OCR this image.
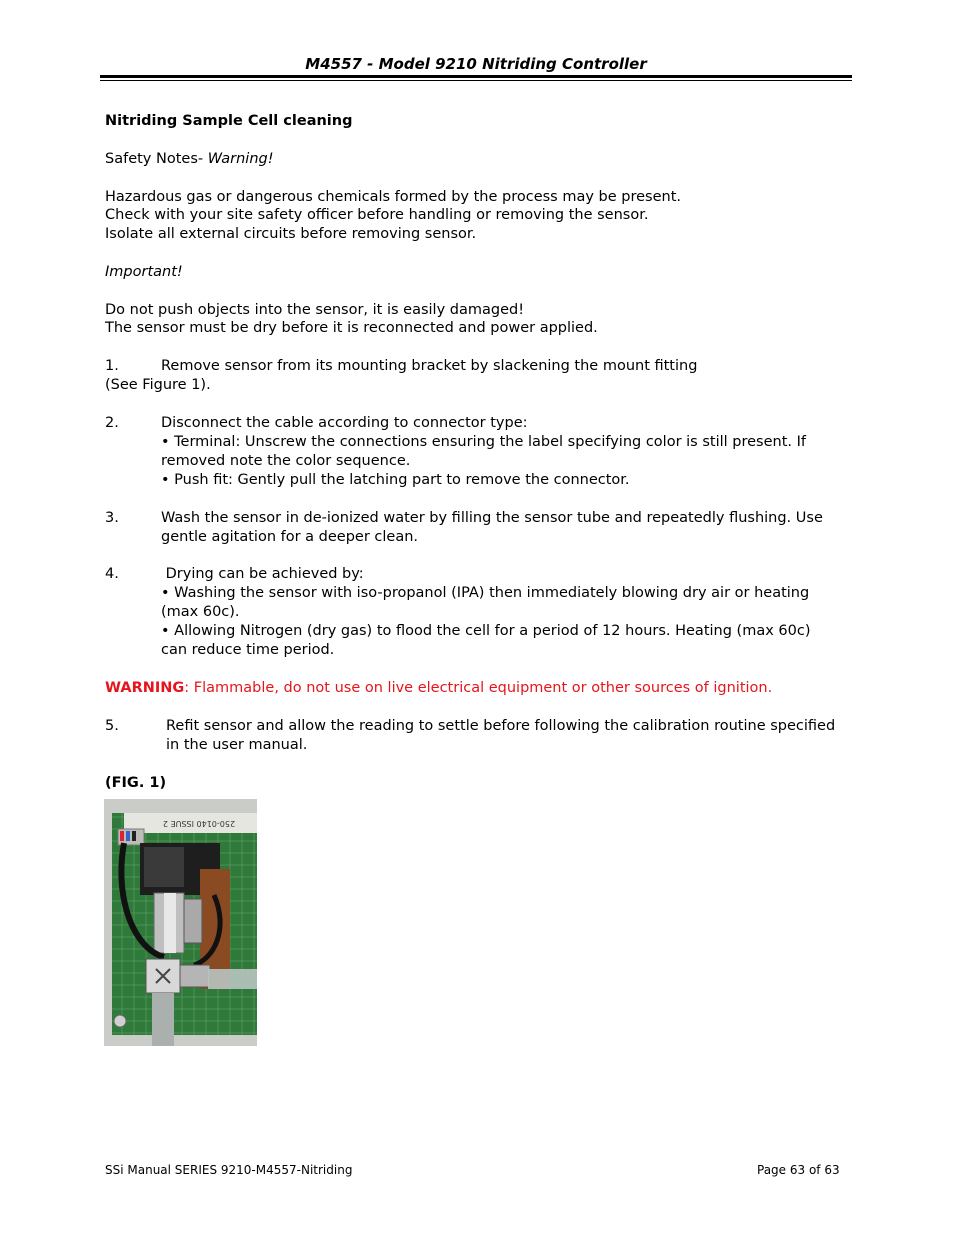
M4557 - Model 9210 Nitriding Controller
Nitriding Sample Cell cleaning
Safety Notes- Warning!
Hazardous gas or dangerous chemicals formed by the process may be present.
Check with your site safety officer before handling or removing the sensor.
Isolate all external circuits before removing sensor.
Important!
Do not push objects into the sensor, it is easily damaged!
The sensor must be dry before it is reconnected and power applied.
1.	Remove sensor from its mounting bracket by slackening the mount fitting
(See Figure 1).
2.	Disconnect the cable according to connector type:
• Terminal: Unscrew the connections ensuring the label specifying color is still present. If removed note the color sequence.
• Push fit: Gently pull the latching part to remove the connector.
3.	Wash the sensor in de-ionized water by filling the sensor tube and repeatedly flushing. Use gentle agitation for a deeper clean.
4.	Drying can be achieved by:
• Washing the sensor with iso-propanol (IPA) then immediately blowing dry air or heating (max 60c).
• Allowing Nitrogen (dry gas) to flood the cell for a period of 12 hours. Heating (max 60c) can reduce time period.
WARNING: Flammable, do not use on live electrical equipment or other sources of ignition.
5.	Refit sensor and allow the reading to settle before following the calibration routine specified in the user manual.
(FIG. 1)
250-0140 ISSUE 2
SSi Manual SERIES 9210-M4557-Nitriding	Page 63 of 63
